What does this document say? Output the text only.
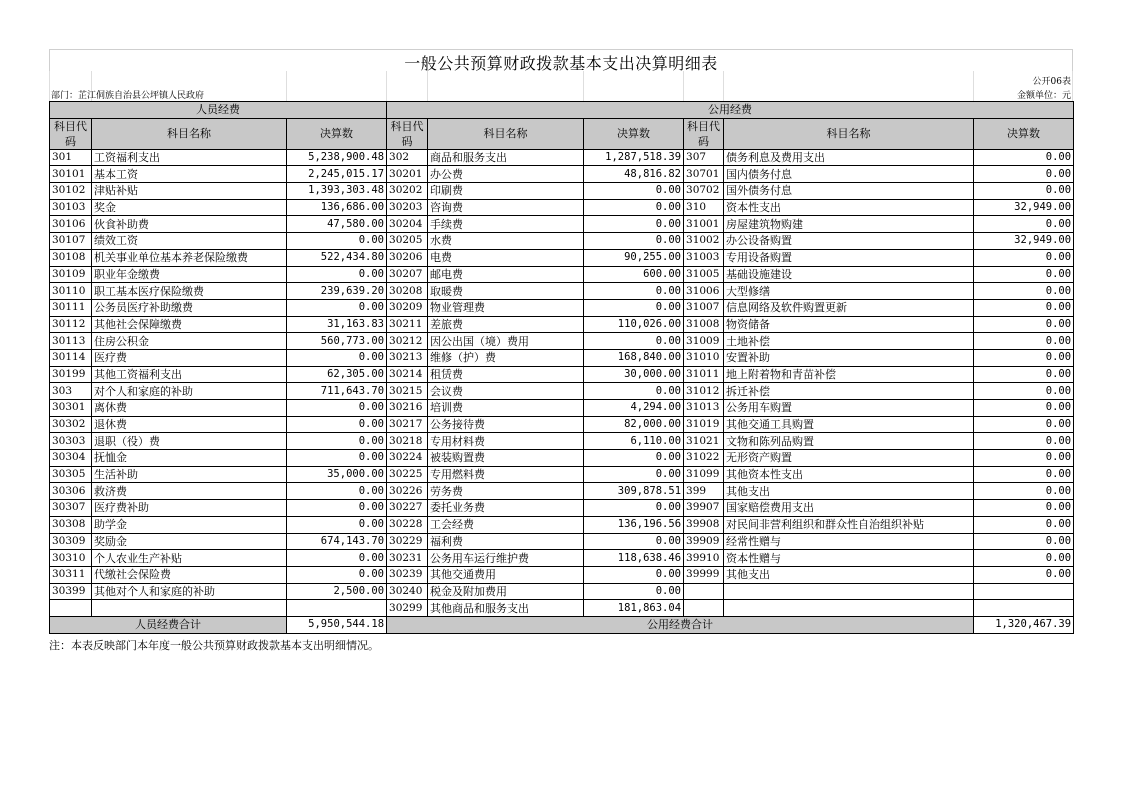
一般公共预算财政拨款基本支出决算明细表
公开06表
部门：芷江侗族自治县公坪镇人民政府	金额单位：元
人员经费			公用经费					
科目代码	科目名称	决算数	科目代码	科目名称	决算数	科目代码	科目名称	决算数
301	工资福利支出	5,238,900.48	302	商品和服务支出	1,287,518.39	307	债务利息及费用支出	0.00
30101	基本工资	2,245,015.17	30201	办公费	48,816.82	30701	国内债务付息	0.00
30102	津贴补贴	1,393,303.48	30202	印刷费	0.00	30702	国外债务付息	0.00
30103	奖金	136,686.00	30203	咨询费	0.00	310	资本性支出	32,949.00
30106	伙食补助费	47,580.00	30204	手续费	0.00	31001	房屋建筑物购建	0.00
30107	绩效工资	0.00	30205	水费	0.00	31002	办公设备购置	32,949.00
30108	机关事业单位基本养老保险缴费	522,434.80	30206	电费	90,255.00	31003	专用设备购置	0.00
30109	职业年金缴费	0.00	30207	邮电费	600.00	31005	基础设施建设	0.00
30110	职工基本医疗保险缴费	239,639.20	30208	取暖费	0.00	31006	大型修缮	0.00
30111	公务员医疗补助缴费	0.00	30209	物业管理费	0.00	31007	信息网络及软件购置更新	0.00
30112	其他社会保障缴费	31,163.83	30211	差旅费	110,026.00	31008	物资储备	0.00
30113	住房公积金	560,773.00	30212	因公出国（境）费用	0.00	31009	土地补偿	0.00
30114	医疗费	0.00	30213	维修（护）费	168,840.00	31010	安置补助	0.00
30199	其他工资福利支出	62,305.00	30214	租赁费	30,000.00	31011	地上附着物和青苗补偿	0.00
303	对个人和家庭的补助	711,643.70	30215	会议费	0.00	31012	拆迁补偿	0.00
30301	离休费	0.00	30216	培训费	4,294.00	31013	公务用车购置	0.00
30302	退休费	0.00	30217	公务接待费	82,000.00	31019	其他交通工具购置	0.00
30303	退职（役）费	0.00	30218	专用材料费	6,110.00	31021	文物和陈列品购置	0.00
30304	抚恤金	0.00	30224	被装购置费	0.00	31022	无形资产购置	0.00
30305	生活补助	35,000.00	30225	专用燃料费	0.00	31099	其他资本性支出	0.00
30306	救济费	0.00	30226	劳务费	309,878.51	399	其他支出	0.00
30307	医疗费补助	0.00	30227	委托业务费	0.00	39907	国家赔偿费用支出	0.00
30308	助学金	0.00	30228	工会经费	136,196.56	39908	对民间非营利组织和群众性自治组织补贴	0.00
30309	奖励金	674,143.70	30229	福利费	0.00	39909	经常性赠与	0.00
30310	个人农业生产补贴	0.00	30231	公务用车运行维护费	118,638.46	39910	资本性赠与	0.00
30311	代缴社会保险费	0.00	30239	其他交通费用	0.00	39999	其他支出	0.00
30399	其他对个人和家庭的补助	2,500.00	30240	税金及附加费用	0.00			
			30299	其他商品和服务支出	181,863.04			
人员经费合计		5,950,544.18	公用经费合计					1,320,467.39
注：本表反映部门本年度一般公共预算财政拨款基本支出明细情况。
